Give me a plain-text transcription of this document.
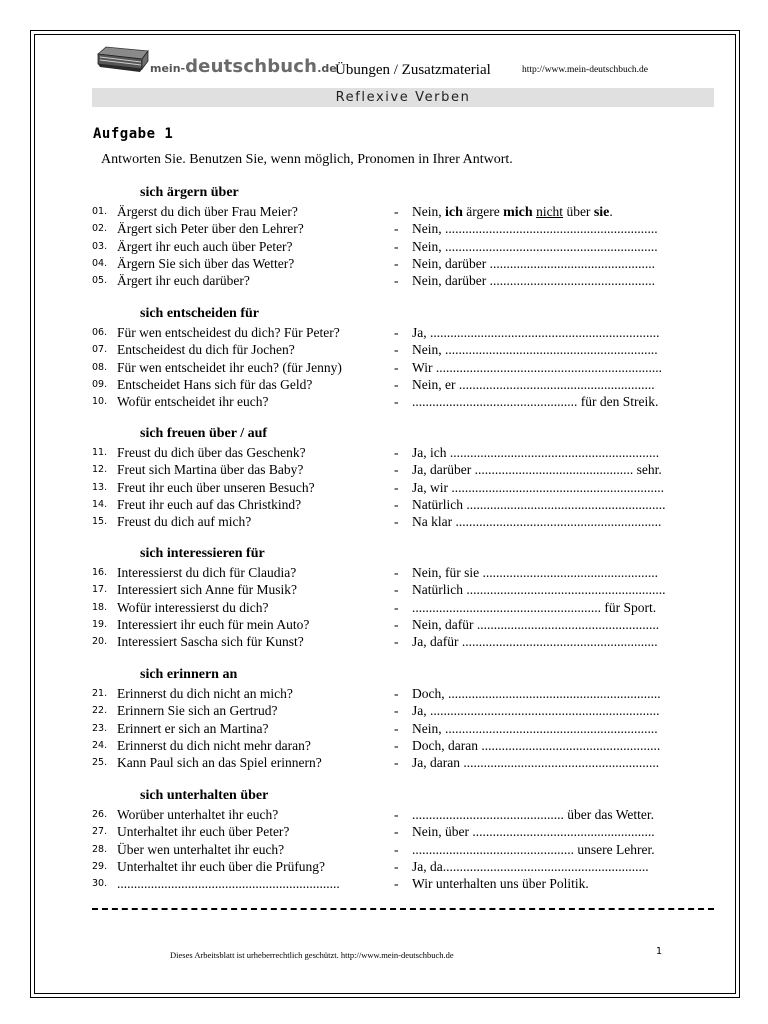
mein-deutschbuch.de
Übungen / Zusatzmaterial	http://www.mein-deutschbuch.de
Reflexive Verben
Aufgabe 1
Antworten Sie. Benutzen Sie, wenn möglich, Pronomen in Ihrer Antwort.
sich ärgern über
01. Ärgerst du dich über Frau Meier?	- Nein, ich ärgere mich nicht über sie.
02. Ärgert sich Peter über den Lehrer?	- Nein, ...............................................................
03. Ärgert ihr euch auch über Peter?	- Nein, ...............................................................
04. Ärgern Sie sich über das Wetter?	- Nein, darüber .................................................
05. Ärgert ihr euch darüber?	- Nein, darüber .................................................
sich entscheiden für
06. Für wen entscheidest du dich? Für Peter?	- Ja, ....................................................................
07. Entscheidest du dich für Jochen?	- Nein, ...............................................................
08. Für wen entscheidet ihr euch? (für Jenny)	- Wir ...................................................................
09. Entscheidet Hans sich für das Geld?	- Nein, er ..........................................................
10. Wofür entscheidet ihr euch?	- ................................................. für den Streik.
sich freuen über / auf
11. Freust du dich über das Geschenk?	- Ja, ich ..............................................................
12. Freut sich Martina über das Baby?	- Ja, darüber ............................................... sehr.
13. Freut ihr euch über unseren Besuch?	- Ja, wir ...............................................................
14. Freut ihr euch auf das Christkind?	- Natürlich ...........................................................
15. Freust du dich auf mich?	- Na klar .............................................................
sich interessieren für
16. Interessierst du dich für Claudia?	- Nein, für sie ....................................................
17. Interessiert sich Anne für Musik?	- Natürlich ...........................................................
18. Wofür interessierst du dich?	- ........................................................ für Sport.
19. Interessiert ihr euch für mein Auto?	- Nein, dafür ......................................................
20. Interessiert Sascha sich für Kunst?	- Ja, dafür ..........................................................
sich erinnern an
21. Erinnerst du dich nicht an mich?	- Doch, ...............................................................
22. Erinnern Sie sich an Gertrud?	- Ja, ....................................................................
23. Erinnert er sich an Martina?	- Nein, ...............................................................
24. Erinnerst du dich nicht mehr daran?	- Doch, daran .....................................................
25. Kann Paul sich an das Spiel erinnern?	- Ja, daran ..........................................................
sich unterhalten über
26. Worüber unterhaltet ihr euch?	- ............................................. über das Wetter.
27. Unterhaltet ihr euch über Peter?	- Nein, über ......................................................
28. Über wen unterhaltet ihr euch?	- ................................................ unsere Lehrer.
29. Unterhaltet ihr euch über die Prüfung?	- Ja, da.............................................................
30. ..................................................................	- Wir unterhalten uns über Politik.
Dieses Arbeitsblatt ist urheberrechtlich geschützt. http://www.mein-deutschbuch.de	1
